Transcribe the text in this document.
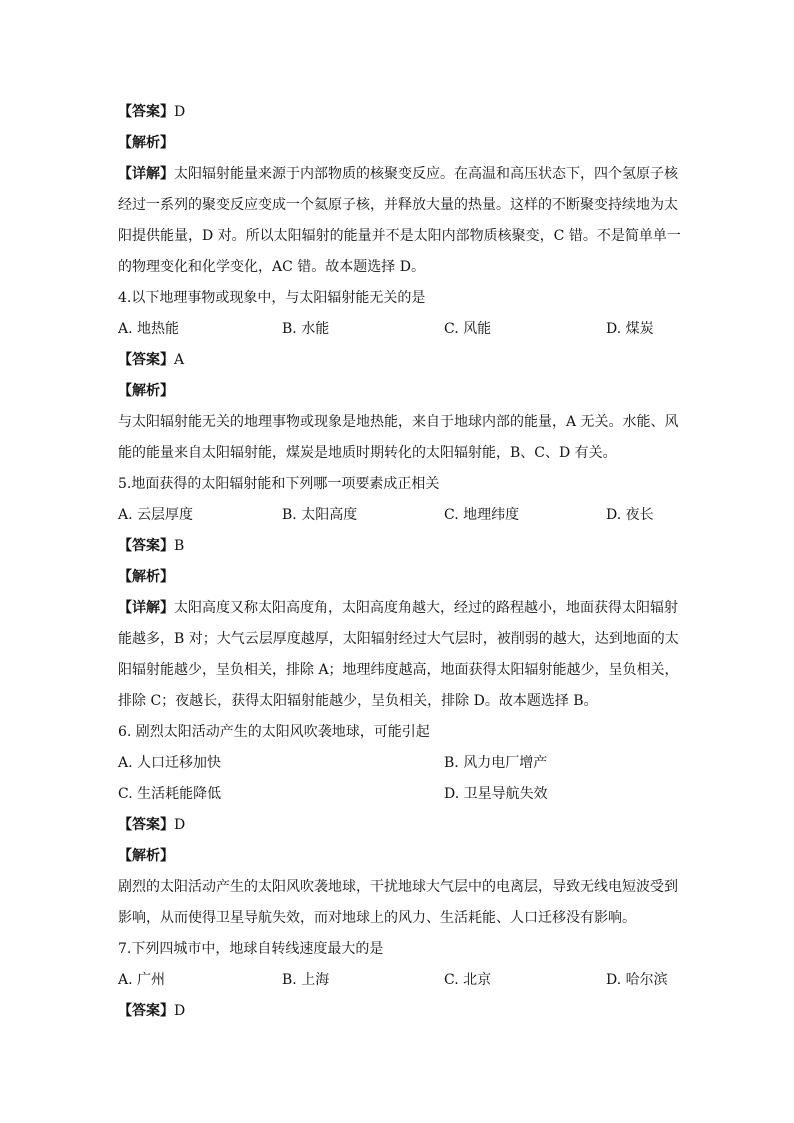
【答案】D
【解析】
【详解】太阳辐射能量来源于内部物质的核聚变反应。在高温和高压状态下，四个氢原子核
经过一系列的聚变反应变成一个氦原子核，并释放大量的热量。这样的不断聚变持续地为太
阳提供能量，D 对。所以太阳辐射的能量并不是太阳内部物质核聚变，C 错。不是简单单一
的物理变化和化学变化，AC 错。故本题选择 D。
4.以下地理事物或现象中，与太阳辐射能无关的是
A. 地热能	B. 水能	C. 风能	D. 煤炭
【答案】A
【解析】
与太阳辐射能无关的地理事物或现象是地热能，来自于地球内部的能量，A 无关。水能、风
能的能量来自太阳辐射能，煤炭是地质时期转化的太阳辐射能，B、C、D 有关。
5.地面获得的太阳辐射能和下列哪一项要素成正相关
A. 云层厚度	B. 太阳高度	C. 地理纬度	D. 夜长
【答案】B
【解析】
【详解】太阳高度又称太阳高度角，太阳高度角越大，经过的路程越小，地面获得太阳辐射
能越多，B 对；大气云层厚度越厚，太阳辐射经过大气层时，被削弱的越大，达到地面的太
阳辐射能越少，呈负相关，排除 A；地理纬度越高，地面获得太阳辐射能越少，呈负相关，
排除 C；夜越长，获得太阳辐射能越少，呈负相关，排除 D。故本题选择 B。
6. 剧烈太阳活动产生的太阳风吹袭地球，可能引起
A. 人口迁移加快	B. 风力电厂增产
C. 生活耗能降低	D. 卫星导航失效
【答案】D
【解析】
剧烈的太阳活动产生的太阳风吹袭地球，干扰地球大气层中的电离层，导致无线电短波受到
影响，从而使得卫星导航失效，而对地球上的风力、生活耗能、人口迁移没有影响。
7.下列四城市中，地球自转线速度最大的是
A. 广州	B. 上海	C. 北京	D. 哈尔滨
【答案】D
